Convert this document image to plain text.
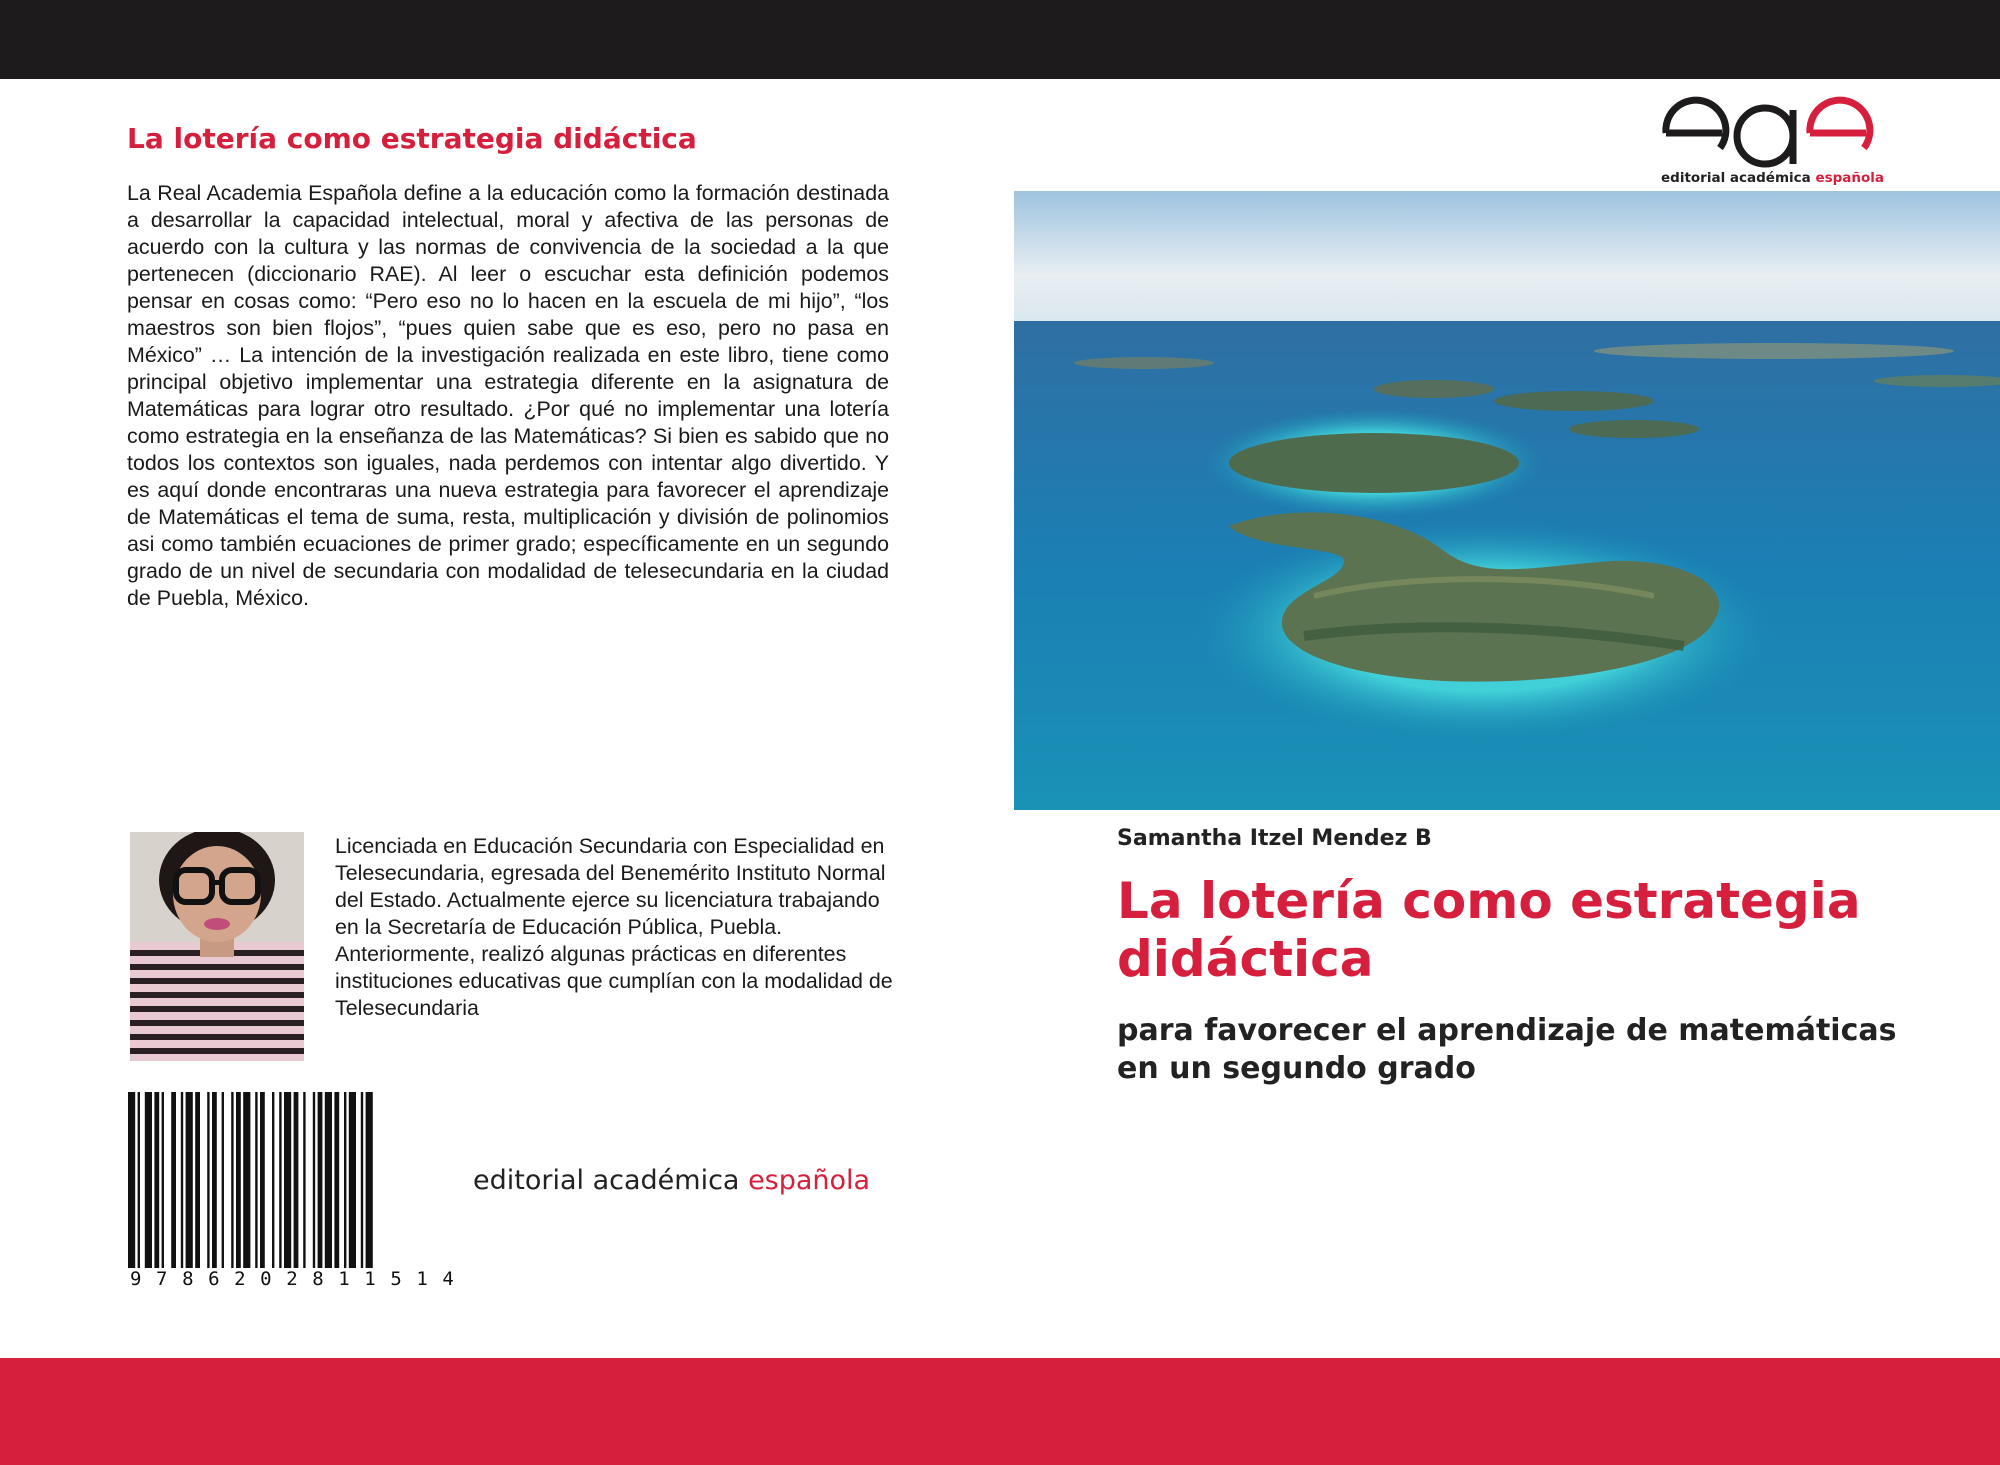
La lotería como estrategia didáctica

La Real Academia Española define a la educación como la formación destinada a desarrollar la capacidad intelectual, moral y afectiva de las personas de acuerdo con la cultura y las normas de convivencia de la sociedad a la que pertenecen (diccionario RAE). Al leer o escuchar esta definición podemos pensar en cosas como: “Pero eso no lo hacen en la escuela de mi hijo”, “los maestros son bien flojos”, “pues quien sabe que es eso, pero no pasa en México” … La intención de la investigación realizada en este libro, tiene como principal objetivo implementar una estrategia diferente en la asignatura de Matemáticas para lograr otro resultado. ¿Por qué no implementar una lotería como estrategia en la enseñanza de las Matemáticas? Si bien es sabido que no todos los contextos son iguales, nada perdemos con intentar algo divertido. Y es aquí donde encontraras una nueva estrategia para favorecer el aprendizaje de Matemáticas el tema de suma, resta, multiplicación y división de polinomios asi como también ecuaciones de primer grado; específicamente en un segundo grado de un nivel de secundaria con modalidad de telesecundaria en la ciudad de Puebla, México.

Licenciada en Educación Secundaria con Especialidad en Telesecundaria, egresada del Benemérito Instituto Normal del Estado. Actualmente ejerce su licenciatura trabajando en la Secretaría de Educación Pública, Puebla. Anteriormente, realizó algunas prácticas en diferentes instituciones educativas que cumplían con la modalidad de Telesecundaria

9 7 8 6 2 0 2 8 1 1 5 1 4

editorial académica española

editorial académica española

Samantha Itzel Mendez B

La lotería como estrategia didáctica

para favorecer el aprendizaje de matemáticas en un segundo grado
